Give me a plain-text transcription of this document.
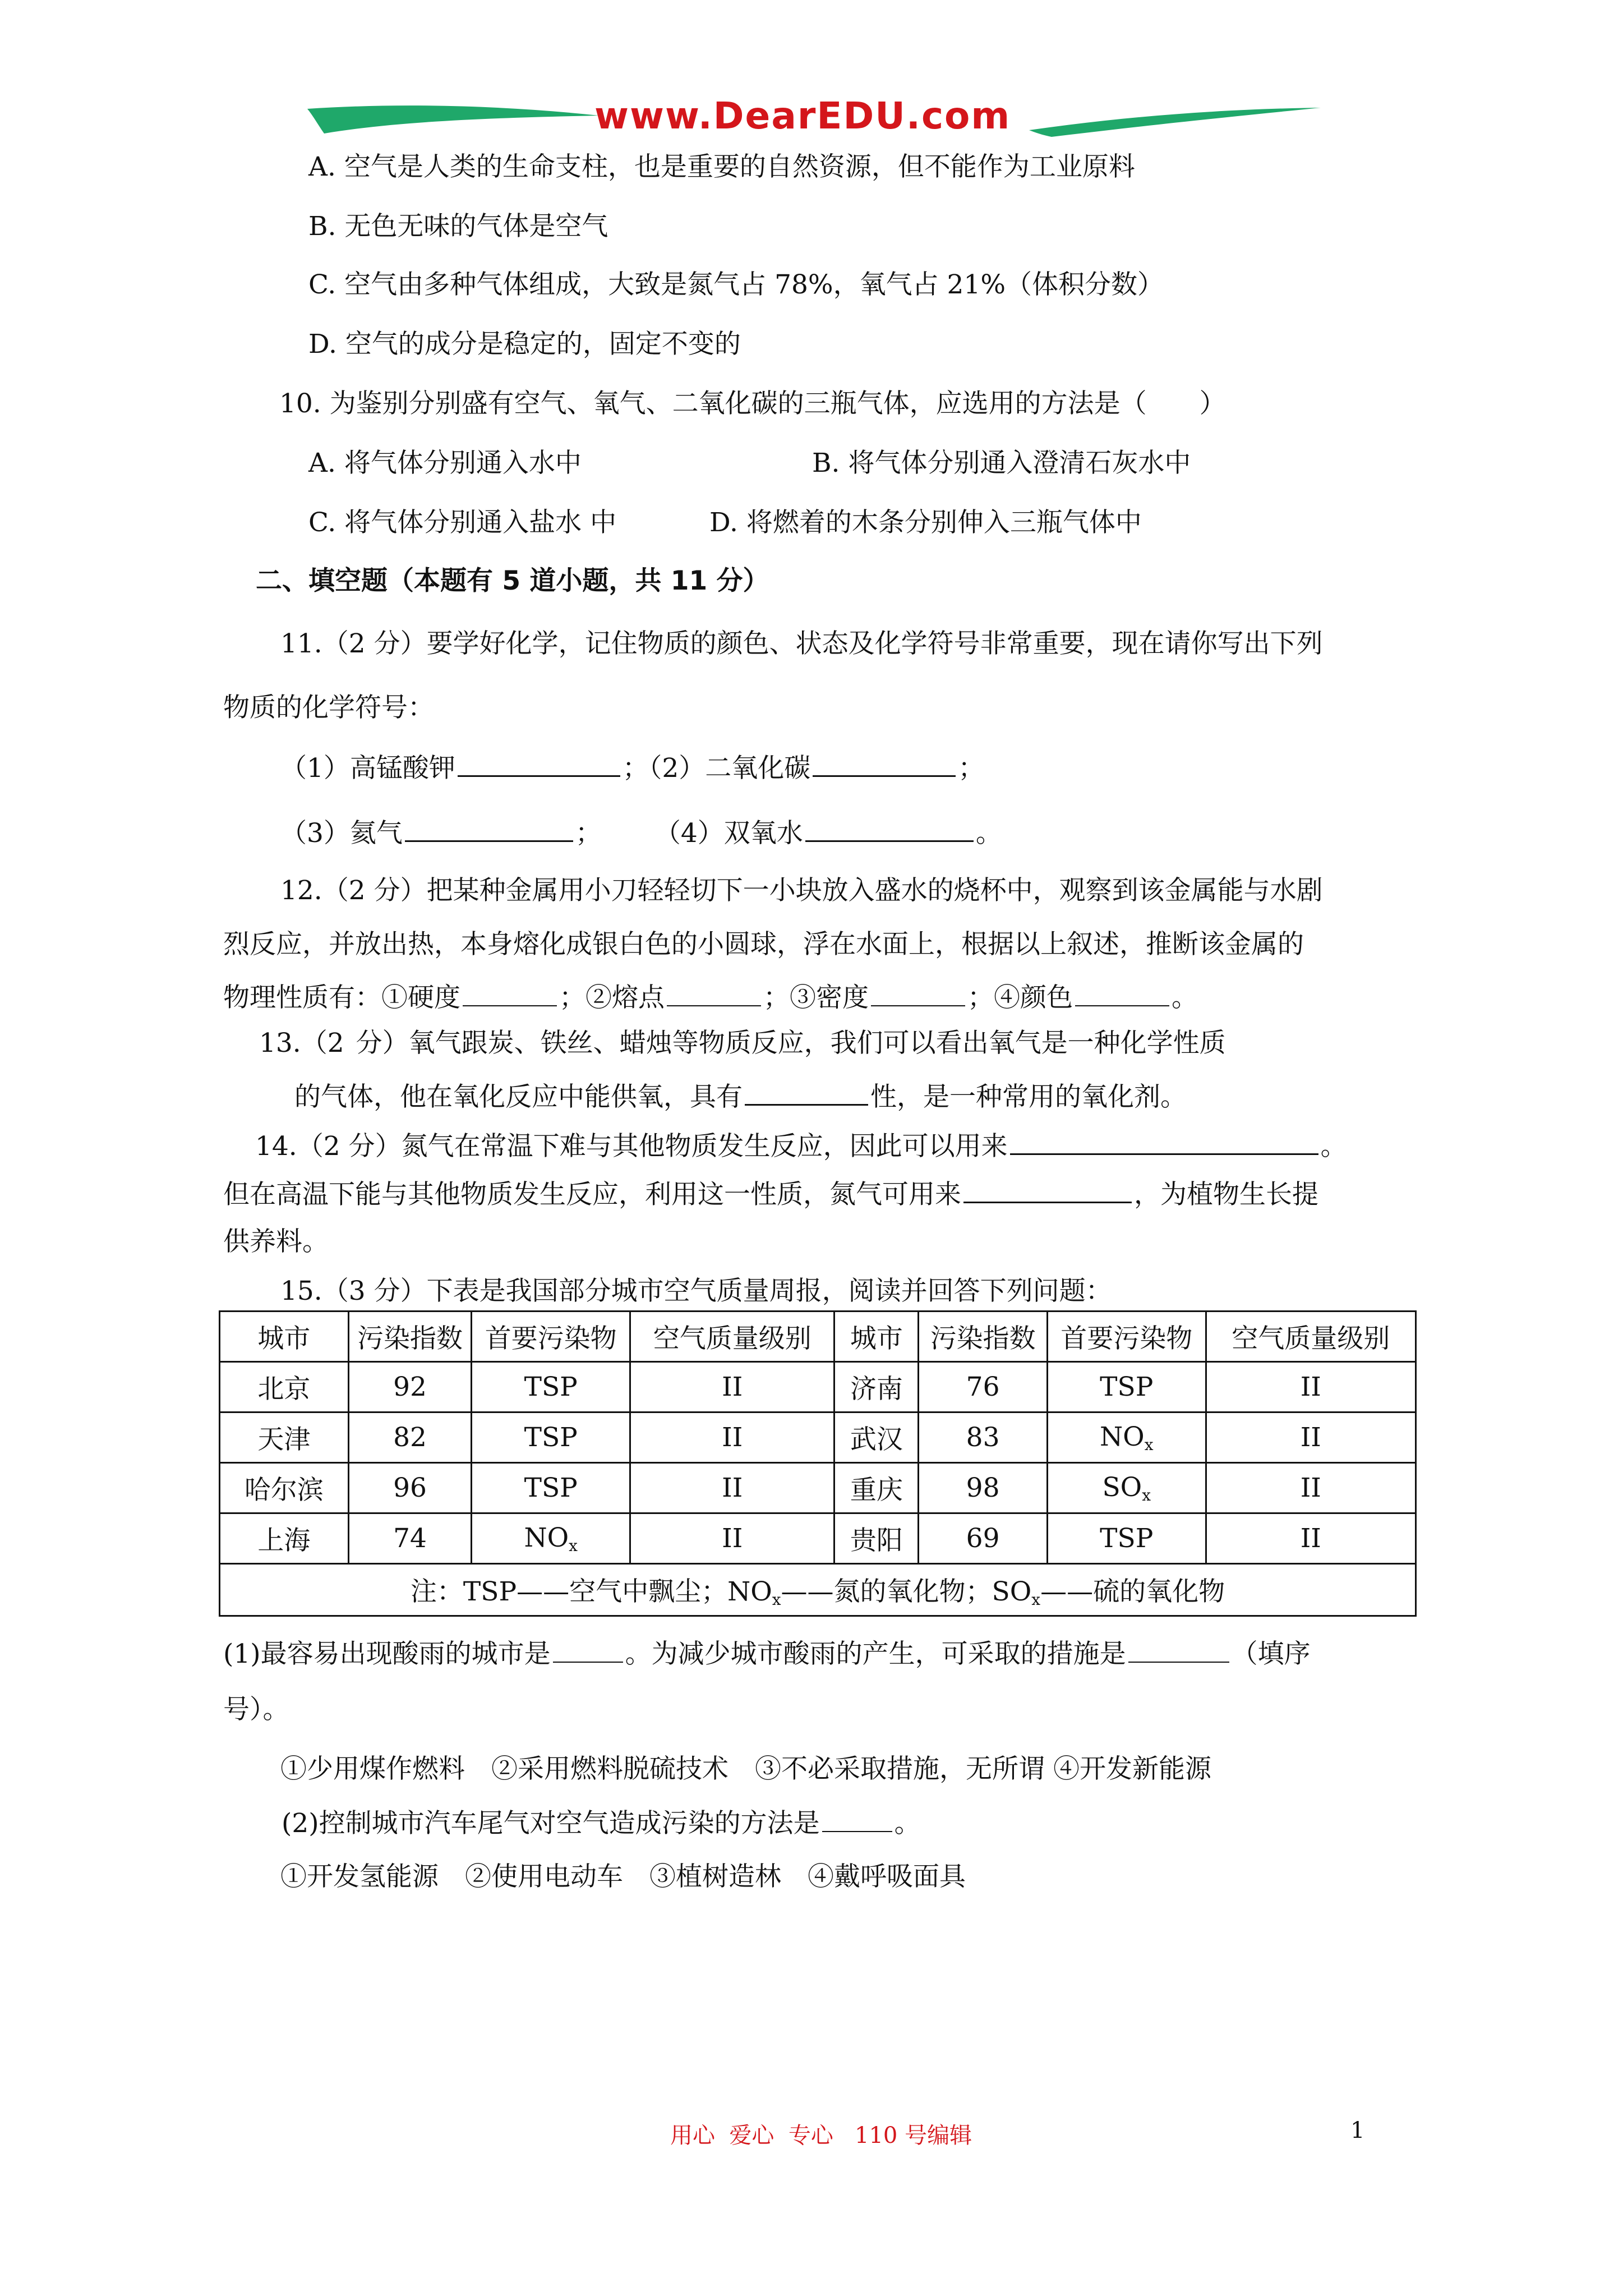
www.DearEDU.com
A. 空气是人类的生命支柱，也是重要的自然资源，但不能作为工业原料
B. 无色无味的气体是空气
C. 空气由多种气体组成，大致是氮气占 78%，氧气占 21%（体积分数）
D. 空气的成分是稳定的，固定不变的
10. 为鉴别分别盛有空气、氧气、二氧化碳的三瓶气体，应选用的方法是（　　）
A. 将气体分别通入水中	B. 将气体分别通入澄清石灰水中
C. 将气体分别通入盐水 中	D. 将燃着的木条分别伸入三瓶气体中
二、填空题（本题有 5 道小题，共 11 分）
11.（2 分）要学好化学，记住物质的颜色、状态及化学符号非常重要，现在请你写出下列
物质的化学符号：
（1）高锰酸钾	；（2）二氧化碳	；
（3）氦气	；　　　（4）双氧水	。
12.（2 分）把某种金属用小刀轻轻切下一小块放入盛水的烧杯中，观察到该金属能与水剧
烈反应，并放出热，本身熔化成银白色的小圆球，浮在水面上，根据以上叙述，推断该金属的
物理性质有：①硬度	；②熔点	；③密度	；④颜色	。
13.（2 分）氧气跟炭、铁丝、蜡烛等物质反应，我们可以看出氧气是一种化学性质
的气体，他在氧化反应中能供氧，具有	性，是一种常用的氧化剂。
14.（2 分）氮气在常温下难与其他物质发生反应，因此可以用来	。
但在高温下能与其他物质发生反应，利用这一性质，氮气可用来	，为植物生长提
供养料。
15.（3 分）下表是我国部分城市空气质量周报，阅读并回答下列问题：
城市	污染指数	首要污染物	空气质量级别	城市	污染指数	首要污染物	空气质量级别
北京	92	TSP	II	济南	76	TSP	II
天津	82	TSP	II	武汉	83	$NO_x$	II
哈尔滨	96	TSP	II	重庆	98	$SO_x$	II
上海	74	$NO_x$	II	贵阳	69	TSP	II
注：TSP——空气中飘尘；$NO_x——$氮的氧化物；$SO_x——$硫的氧化物							
(1)最容易出现酸雨的城市是	。为减少城市酸雨的产生，可采取的措施是	（填序
号）。
①少用煤作燃料　②采用燃料脱硫技术　③不必采取措施，无所谓 ④开发新能源
(2)控制城市汽车尾气对空气造成污染的方法是	。
①开发氢能源　②使用电动车　③植树造林　④戴呼吸面具
用心  爱心  专心   110 号编辑	1
